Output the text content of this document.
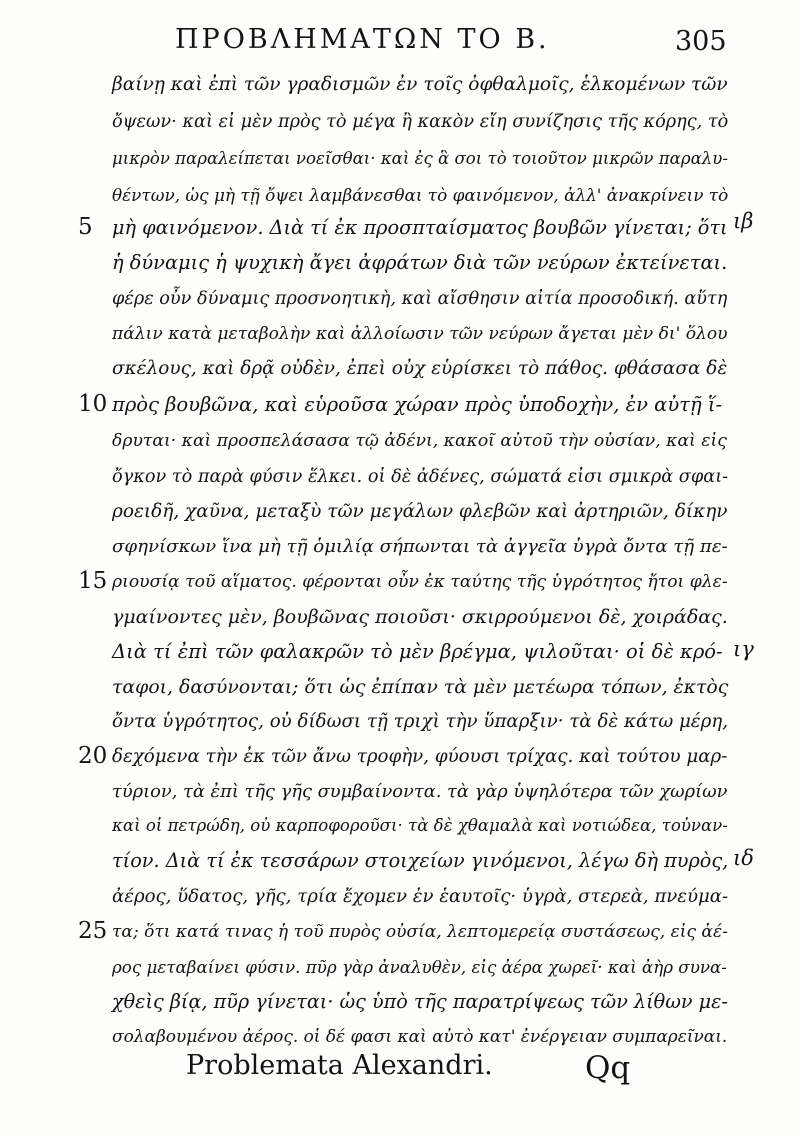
ΠΡΟΒΛΗΜΑΤΩΝ ΤΟ Β.	305
βαίνῃ καὶ ἐπὶ τῶν γραδισμῶν ἐν τοῖς ὀφθαλμοῖς, ἑλκομένων τῶν
ὄψεων· καὶ εἰ μὲν πρὸς τὸ μέγα ἢ κακὸν εἴη συνίζησις τῆς κόρης, τὸ
μικρὸν παραλείπεται νοεῖσθαι· καὶ ἐς ἃ σοι τὸ τοιοῦτον μικρῶν παραλυ-
θέντων, ὡς μὴ τῇ ὄψει λαμβάνεσθαι τὸ φαινόμενον, ἀλλ' ἀνακρίνειν τὸ
μὴ φαινόμενον. Διὰ τί ἐκ προσπταίσματος βουβῶν γίνεται; ὅτι
ἡ δύναμις ἡ ψυχικὴ ἄγει ἀφράτων διὰ τῶν νεύρων ἐκτείνεται.
φέρε οὖν δύναμις προσνοητικὴ, καὶ αἴσθησιν αἰτία προσοδική. αὕτη
πάλιν κατὰ μεταβολὴν καὶ ἀλλοίωσιν τῶν νεύρων ἄγεται μὲν δι' ὅλου
σκέλους, καὶ δρᾷ οὐδὲν, ἐπεὶ οὐχ εὑρίσκει τὸ πάθος. φθάσασα δὲ
πρὸς βουβῶνα, καὶ εὑροῦσα χώραν πρὸς ὑποδοχὴν, ἐν αὐτῇ ἵ-
δρυται· καὶ προσπελάσασα τῷ ἀδένι, κακοῖ αὐτοῦ τὴν οὐσίαν, καὶ εἰς
ὄγκον τὸ παρὰ φύσιν ἕλκει. οἱ δὲ ἀδένες, σώματά εἰσι σμικρὰ σφαι-
ροειδῆ, χαῦνα, μεταξὺ τῶν μεγάλων φλεβῶν καὶ ἀρτηριῶν, δίκην
σφηνίσκων ἵνα μὴ τῇ ὁμιλίᾳ σήπωνται τὰ ἀγγεῖα ὑγρὰ ὄντα τῇ πε-
ριουσίᾳ τοῦ αἵματος. φέρονται οὖν ἐκ ταύτης τῆς ὑγρότητος ἤτοι φλε-
γμαίνοντες μὲν, βουβῶνας ποιοῦσι· σκιρρούμενοι δὲ, χοιράδας.
Διὰ τί ἐπὶ τῶν φαλακρῶν τὸ μὲν βρέγμα, ψιλοῦται· οἱ δὲ κρό-
ταφοι, δασύνονται; ὅτι ὡς ἐπίπαν τὰ μὲν μετέωρα τόπων, ἐκτὸς
ὄντα ὑγρότητος, οὐ δίδωσι τῇ τριχὶ τὴν ὕπαρξιν· τὰ δὲ κάτω μέρη,
δεχόμενα τὴν ἐκ τῶν ἄνω τροφὴν, φύουσι τρίχας. καὶ τούτου μαρ-
τύριον, τὰ ἐπὶ τῆς γῆς συμβαίνοντα. τὰ γὰρ ὑψηλότερα τῶν χωρίων
καὶ οἱ πετρώδη, οὐ καρποφοροῦσι· τὰ δὲ χθαμαλὰ καὶ νοτιώδεα, τοὐναν-
τίον. Διὰ τί ἐκ τεσσάρων στοιχείων γινόμενοι, λέγω δὴ πυρὸς,
ἀέρος, ὕδατος, γῆς, τρία ἔχομεν ἐν ἑαυτοῖς· ὑγρὰ, στερεὰ, πνεύμα-
τα; ὅτι κατά τινας ἡ τοῦ πυρὸς οὐσία, λεπτομερείᾳ συστάσεως, εἰς ἀέ-
ρος μεταβαίνει φύσιν. πῦρ γὰρ ἀναλυθὲν, εἰς ἀέρα χωρεῖ· καὶ ἀὴρ συνα-
χθεὶς βίᾳ, πῦρ γίνεται· ὡς ὑπὸ τῆς παρατρίψεως τῶν λίθων με-
σολαβουμένου ἀέρος. οἱ δέ φασι καὶ αὐτὸ κατ' ἐνέργειαν συμπαρεῖναι.
5
10
15
20
25
ιβ
ιγ
ιδ
Problemata Alexandri.	Qq
